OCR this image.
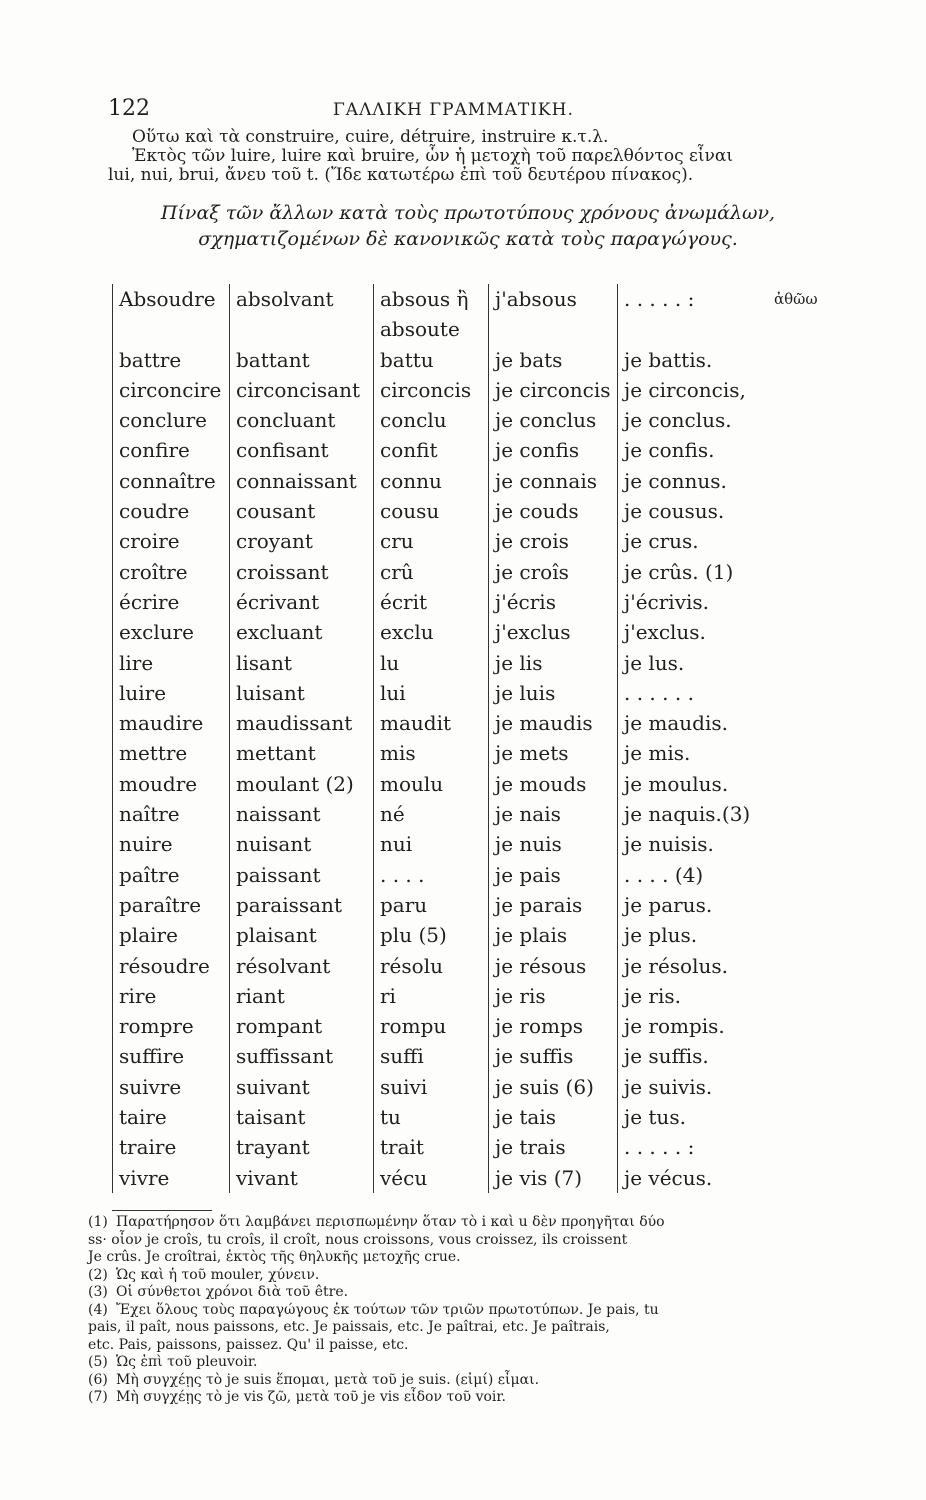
122	ΓΑΛΛΙΚΗ ΓΡΑΜΜΑΤΙΚΗ.

Οὕτω καὶ τὰ construire, cuire, détruire, instruire κ.τ.λ.

Ἐκτὸς τῶν luire, luire καὶ bruire, ὧν ἡ μετοχὴ τοῦ παρελθόντος εἶναι

lui, nui, brui, ἄνευ τοῦ t. (Ἴδε κατωτέρω ἐπὶ τοῦ δευτέρου πίνακος).

Πίναξ τῶν ἄλλων κατὰ τοὺς πρωτοτύπους χρόνους ἀνωμάλων,
σχηματιζομένων δὲ κανονικῶς κατὰ τοὺς παραγώγους.
Absoudre	absolvant	absous ἢ	j'absous	. . . . . :	ἀθῶω
		absoute			
battre	battant	battu	je bats	je battis.	
circoncire	circoncisant	circoncis	je circoncis	je circoncis,	
conclure	concluant	conclu	je conclus	je conclus.	
confire	confisant	confit	je confis	je confis.	
connaître	connaissant	connu	je connais	je connus.	
coudre	cousant	cousu	je couds	je cousus.	
croire	croyant	cru	je crois	je crus.	
croître	croissant	crû	je croîs	je crûs. (1)	
écrire	écrivant	écrit	j'écris	j'écrivis.	
exclure	excluant	exclu	j'exclus	j'exclus.	
lire	lisant	lu	je lis	je lus.	
luire	luisant	lui	je luis	. . . . . .	
maudire	maudissant	maudit	je maudis	je maudis.	
mettre	mettant	mis	je mets	je mis.	
moudre	moulant (2)	moulu	je mouds	je moulus.	
naître	naissant	né	je nais	je naquis.(3)	
nuire	nuisant	nui	je nuis	je nuisis.	
paître	paissant	. . . .	je pais	. . . . (4)	
paraître	paraissant	paru	je parais	je parus.	
plaire	plaisant	plu (5)	je plais	je plus.	
résoudre	résolvant	résolu	je résous	je résolus.	
rire	riant	ri	je ris	je ris.	
rompre	rompant	rompu	je romps	je rompis.	
suffire	suffissant	suffi	je suffis	je suffis.	
suivre	suivant	suivi	je suis (6)	je suivis.	
taire	taisant	tu	je tais	je tus.	
traire	trayant	trait	je trais	. . . . . :	
vivre	vivant	vécu	je vis (7)	je vécus.	

(1) Παρατήρησον ὅτι λαμβάνει περισπωμένην ὅταν τὸ i καὶ u δὲν προηγῆται δύο

ss· οἷον je croîs, tu croîs, il croît, nous croissons, vous croissez, ils croissent

Je crûs. Je croîtrai, ἐκτὸς τῆς θηλυκῆς μετοχῆς crue.

(2) Ὡς καὶ ἡ τοῦ mouler, χύνειν.

(3) Οἱ σύνθετοι χρόνοι διὰ τοῦ être.

(4) Ἔχει ὅλους τοὺς παραγώγους ἐκ τούτων τῶν τριῶν πρωτοτύπων. Je pais, tu

pais, il paît, nous paissons, etc. Je paissais, etc. Je paîtrai, etc. Je paîtrais,

etc. Pais, paissons, paissez. Qu' il paisse, etc.

(5) Ὡς ἐπὶ τοῦ pleuvoir.

(6) Μὴ συγχέῃς τὸ je suis ἕπομαι, μετὰ τοῦ je suis. (εἰμί) εἶμαι.

(7) Μὴ συγχέῃς τὸ je vis ζῶ, μετὰ τοῦ je vis εἶδον τοῦ voir.
